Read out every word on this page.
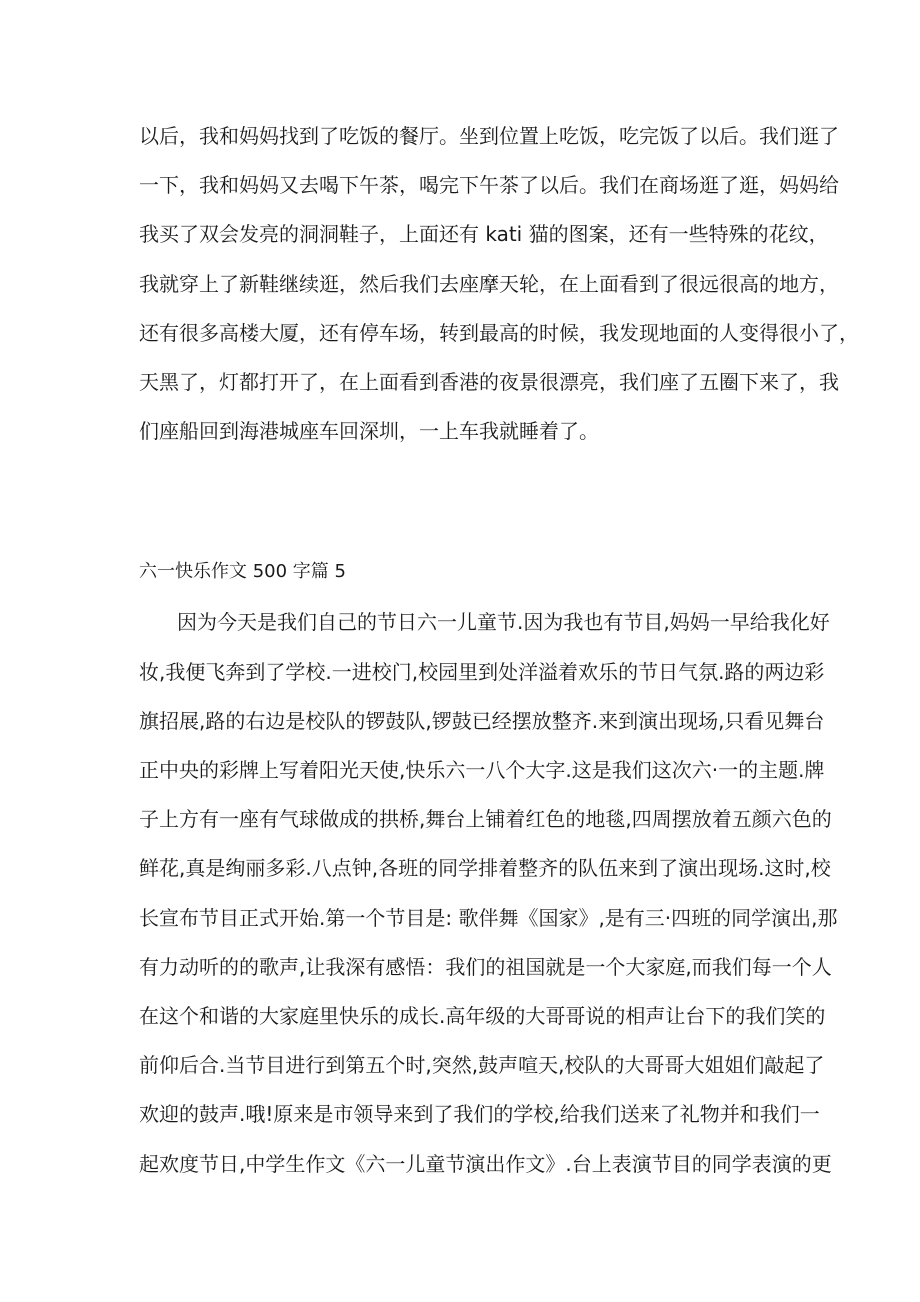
以后，我和妈妈找到了吃饭的餐厅。坐到位置上吃饭，吃完饭了以后。我们逛了
一下，我和妈妈又去喝下午茶，喝完下午茶了以后。我们在商场逛了逛，妈妈给
我买了双会发亮的洞洞鞋子，上面还有 kati 猫的图案，还有一些特殊的花纹，
我就穿上了新鞋继续逛，然后我们去座摩天轮，在上面看到了很远很高的地方，
还有很多高楼大厦，还有停车场，转到最高的时候，我发现地面的人变得很小了，
天黑了，灯都打开了，在上面看到香港的夜景很漂亮，我们座了五圈下来了，我
们座船回到海港城座车回深圳，一上车我就睡着了。
六一快乐作文 500 字篇 5
因为今天是我们自己的节日六一儿童节.因为我也有节目,妈妈一早给我化好
妆,我便飞奔到了学校.一进校门,校园里到处洋溢着欢乐的节日气氛.路的两边彩
旗招展,路的右边是校队的锣鼓队,锣鼓已经摆放整齐.来到演出现场,只看见舞台
正中央的彩牌上写着阳光天使,快乐六一八个大字.这是我们这次六·一的主题.牌
子上方有一座有气球做成的拱桥,舞台上铺着红色的地毯,四周摆放着五颜六色的
鲜花,真是绚丽多彩.八点钟,各班的同学排着整齐的队伍来到了演出现场.这时,校
长宣布节目正式开始.第一个节目是: 歌伴舞《国家》,是有三·四班的同学演出,那
有力动听的的歌声,让我深有感悟：我们的祖国就是一个大家庭,而我们每一个人
在这个和谐的大家庭里快乐的成长.高年级的大哥哥说的相声让台下的我们笑的
前仰后合.当节目进行到第五个时,突然,鼓声喧天,校队的大哥哥大姐姐们敲起了
欢迎的鼓声.哦!原来是市领导来到了我们的学校,给我们送来了礼物并和我们一
起欢度节日,中学生作文《六一儿童节演出作文》.台上表演节目的同学表演的更
